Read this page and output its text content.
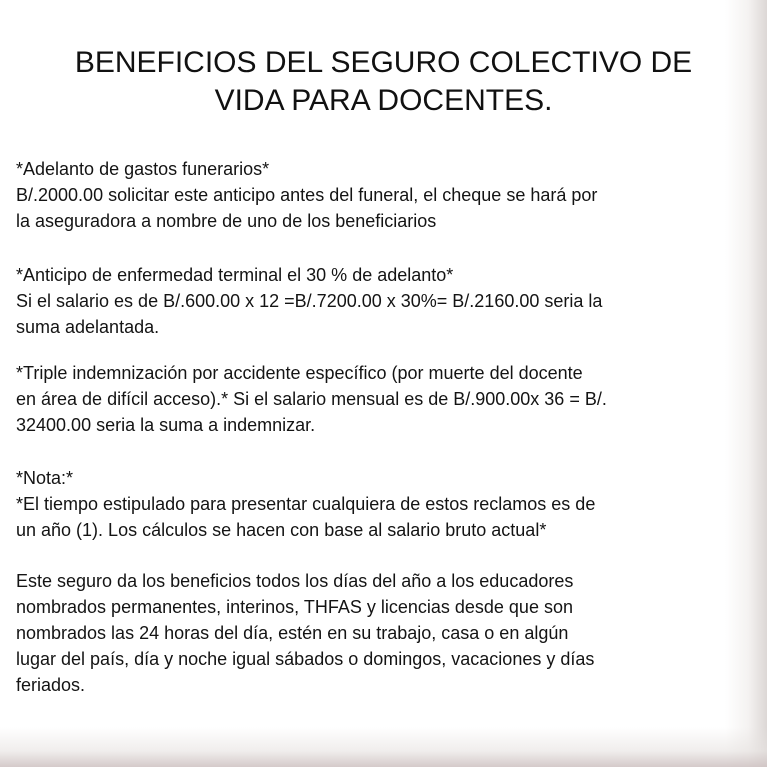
BENEFICIOS DEL SEGURO COLECTIVO DE
VIDA PARA DOCENTES.

*Adelanto de gastos funerarios*

B/.2000.00 solicitar este anticipo antes del funeral, el cheque se hará por

la aseguradora a nombre de uno de los beneficiarios

*Anticipo de enfermedad terminal el 30 % de adelanto*

Si el salario es de B/.600.00 x 12 =B/.7200.00 x 30%= B/.2160.00 seria la

suma adelantada.

*Triple indemnización por accidente específico (por muerte del docente

en área de difícil acceso).* Si el salario mensual es de B/.900.00x 36 = B/.

32400.00 seria la suma a indemnizar.

*Nota:*

*El tiempo estipulado para presentar cualquiera de estos reclamos es de

un año (1). Los cálculos se hacen con base al salario bruto actual*

Este seguro da los beneficios todos los días del año a los educadores

nombrados permanentes, interinos, THFAS y licencias desde que son

nombrados las 24 horas del día, estén en su trabajo, casa o en algún

lugar del país, día y noche igual sábados o domingos, vacaciones y días

feriados.
